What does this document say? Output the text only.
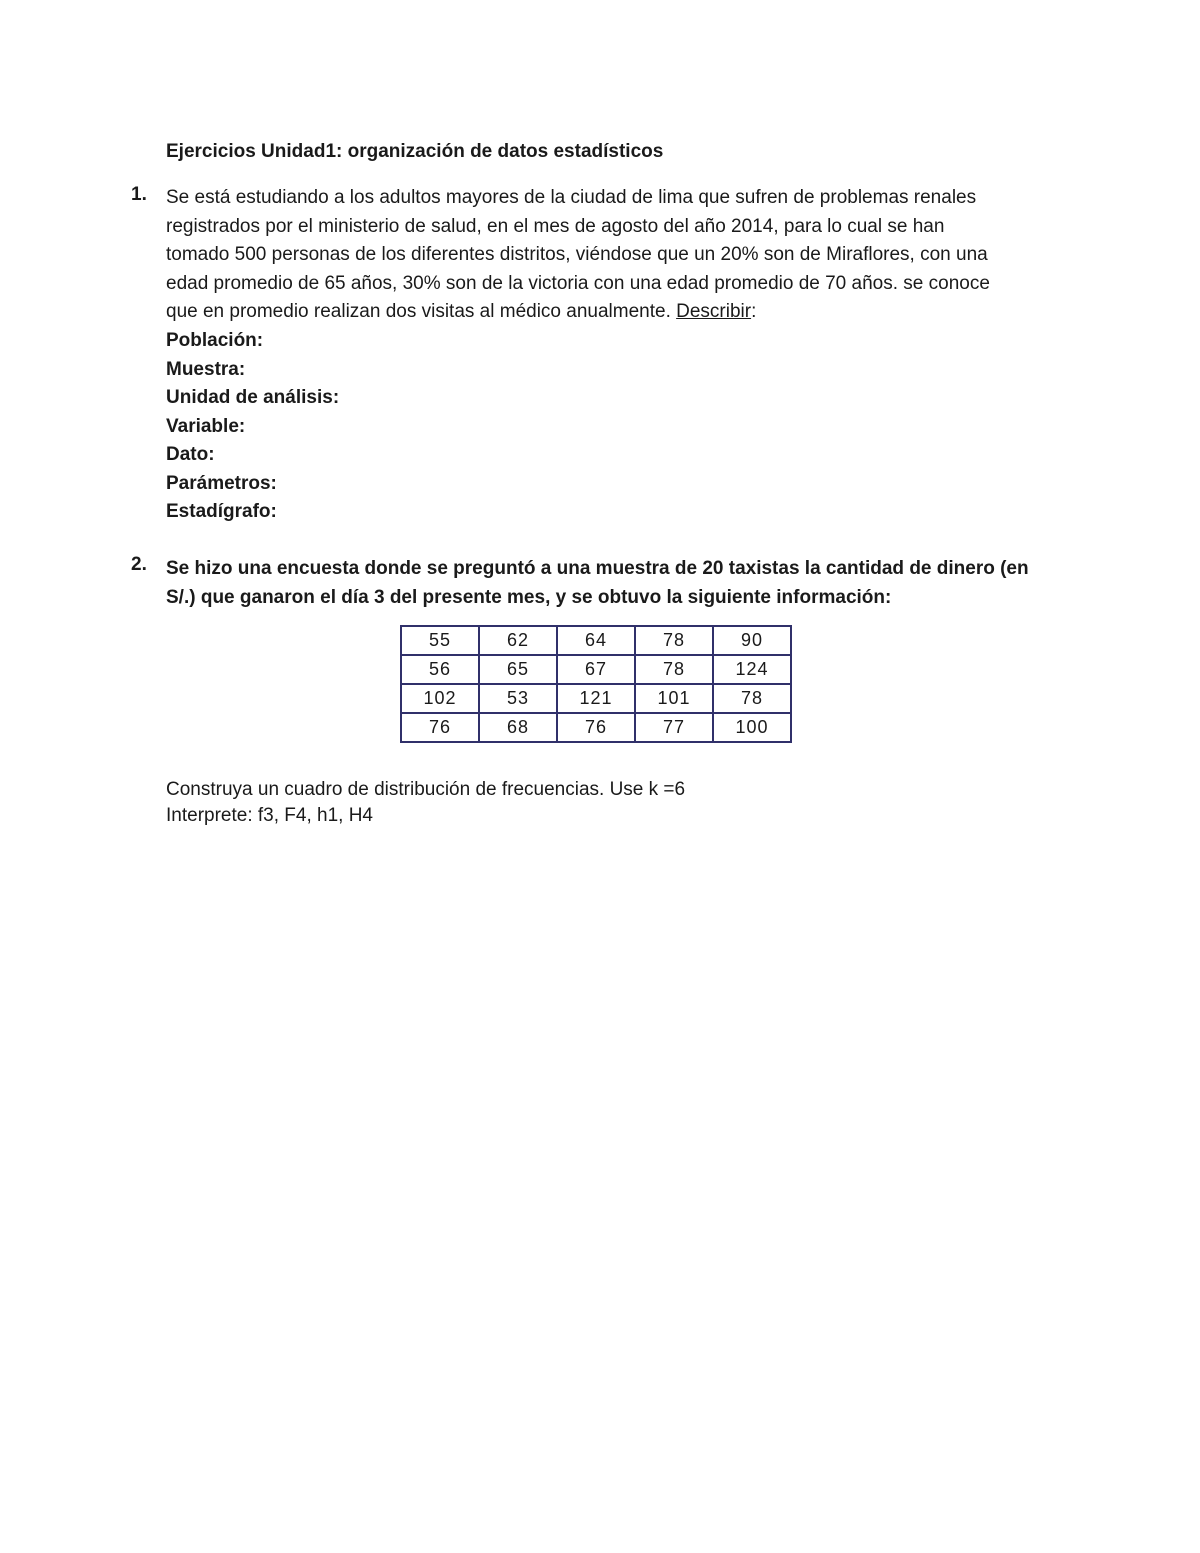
Ejercicios Unidad1: organización de datos estadísticos
1. Se está estudiando a los adultos mayores de la ciudad de lima que sufren de problemas renales

registrados por el ministerio de salud, en el mes de agosto del año 2014, para lo cual se han

tomado 500 personas de los diferentes distritos, viéndose que un 20% son de Miraflores, con una

edad promedio de 65 años, 30% son de la victoria con una edad promedio de 70 años. se conoce

que en promedio realizan dos visitas al médico anualmente. Describir:

Población:
Muestra:
Unidad de análisis:
Variable:
Dato:
Parámetros:
Estadígrafo:
2. Se hizo una encuesta donde se preguntó a una muestra de 20 taxistas la cantidad de dinero (en

S/.) que ganaron el día 3 del presente mes, y se obtuvo la siguiente información:

55	62	64	78	90
56	65	67	78	124
102	53	121	101	78
76	68	76	77	100
Construya un cuadro de distribución de frecuencias. Use k =6
Interprete: f3, F4, h1, H4
